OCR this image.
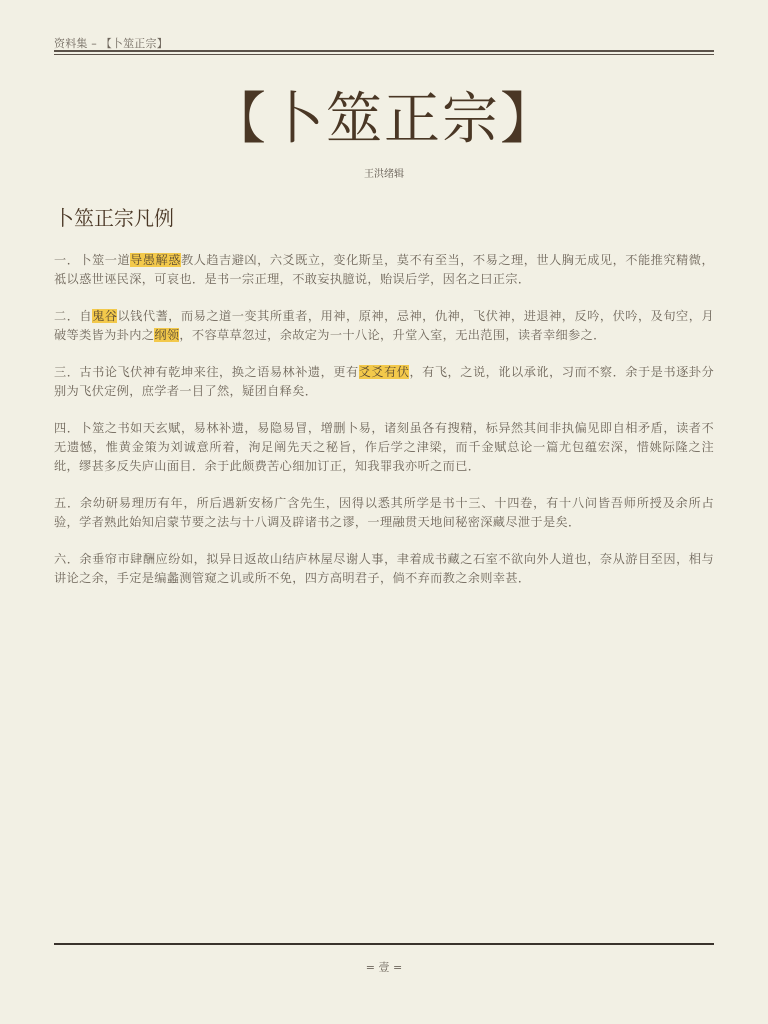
资料集 – 【卜筮正宗】
【卜筮正宗】
王洪绪辑
卜筮正宗凡例

一．卜筮一道导愚解惑教人趋吉避凶，六爻既立，变化斯呈，莫不有至当，不易之理，世人胸无成见，不能推究精微，祗以惑世诬民深，可哀也．是书一宗正理，不敢妄执臆说，贻误后学，因名之曰正宗．

二．自鬼谷以钱代蓍，而易之道一变其所重者，用神，原神，忌神，仇神，飞伏神，进退神，反吟，伏吟，及旬空，月破等类皆为卦内之纲领，不容草草忽过，余故定为一十八论，升堂入室，无出范围，读者幸细参之．

三．古书论飞伏神有乾坤来往，换之语易林补遗，更有爻爻有伏，有飞，之说，讹以承讹，习而不察．余于是书逐卦分别为飞伏定例，庶学者一目了然，疑团自释矣．

四．卜筮之书如天玄赋，易林补遗，易隐易冒，增删卜易，诸刻虽各有搜精，标异然其间非执偏见即自相矛盾，读者不无遗憾，惟黄金策为刘诚意所着，洵足阐先天之秘旨，作后学之津梁，而千金赋总论一篇尤包蕴宏深，惜姚际隆之注纰，缪甚多反失庐山面目．余于此颇费苦心细加订正，知我罪我亦听之而已．

五．余幼研易理历有年，所后遇新安杨广含先生，因得以悉其所学是书十三、十四卷，有十八问皆吾师所授及余所占验，学者熟此始知启蒙节要之法与十八调及辟诸书之谬，一理融贯天地间秘密深藏尽泄于是矣．

六．余垂帘市肆酬应纷如，拟异日返故山结庐林屋尽谢人事，聿着成书藏之石室不欲向外人道也，奈从游目至因，相与讲论之余，手定是编蠡测管窥之讥或所不免，四方高明君子，倘不弃而教之余则幸甚．

= 壹 =
